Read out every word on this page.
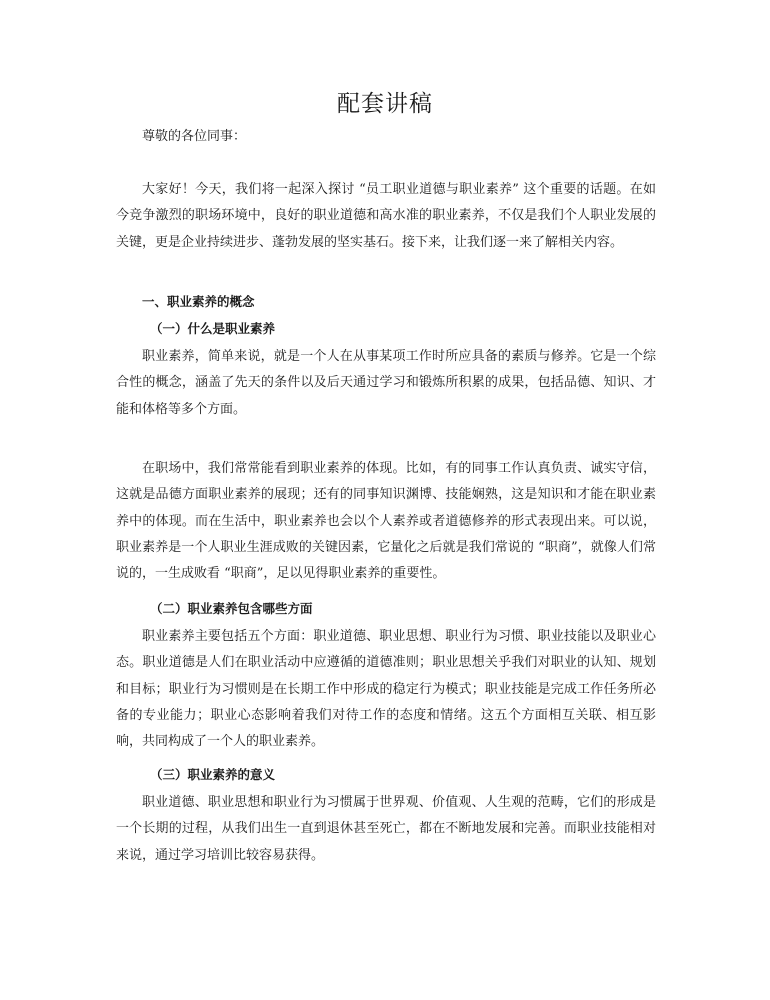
配套讲稿

尊敬的各位同事：

大家好！今天，我们将一起深入探讨 “员工职业道德与职业素养” 这个重要的话题。在如今竞争激烈的职场环境中，良好的职业道德和高水准的职业素养，不仅是我们个人职业发展的关键，更是企业持续进步、蓬勃发展的坚实基石。接下来，让我们逐一来了解相关内容。

一、职业素养的概念
（一）什么是职业素养

职业素养，简单来说，就是一个人在从事某项工作时所应具备的素质与修养。它是一个综合性的概念，涵盖了先天的条件以及后天通过学习和锻炼所积累的成果，包括品德、知识、才能和体格等多个方面。

在职场中，我们常常能看到职业素养的体现。比如，有的同事工作认真负责、诚实守信，这就是品德方面职业素养的展现；还有的同事知识渊博、技能娴熟，这是知识和才能在职业素养中的体现。而在生活中，职业素养也会以个人素养或者道德修养的形式表现出来。可以说，职业素养是一个人职业生涯成败的关键因素，它量化之后就是我们常说的 “职商”，就像人们常说的，一生成败看 “职商”，足以见得职业素养的重要性。

（二）职业素养包含哪些方面

职业素养主要包括五个方面：职业道德、职业思想、职业行为习惯、职业技能以及职业心态。职业道德是人们在职业活动中应遵循的道德准则；职业思想关乎我们对职业的认知、规划和目标；职业行为习惯则是在长期工作中形成的稳定行为模式；职业技能是完成工作任务所必备的专业能力；职业心态影响着我们对待工作的态度和情绪。这五个方面相互关联、相互影响，共同构成了一个人的职业素养。

（三）职业素养的意义

职业道德、职业思想和职业行为习惯属于世界观、价值观、人生观的范畴，它们的形成是一个长期的过程，从我们出生一直到退休甚至死亡，都在不断地发展和完善。而职业技能相对来说，通过学习培训比较容易获得。
